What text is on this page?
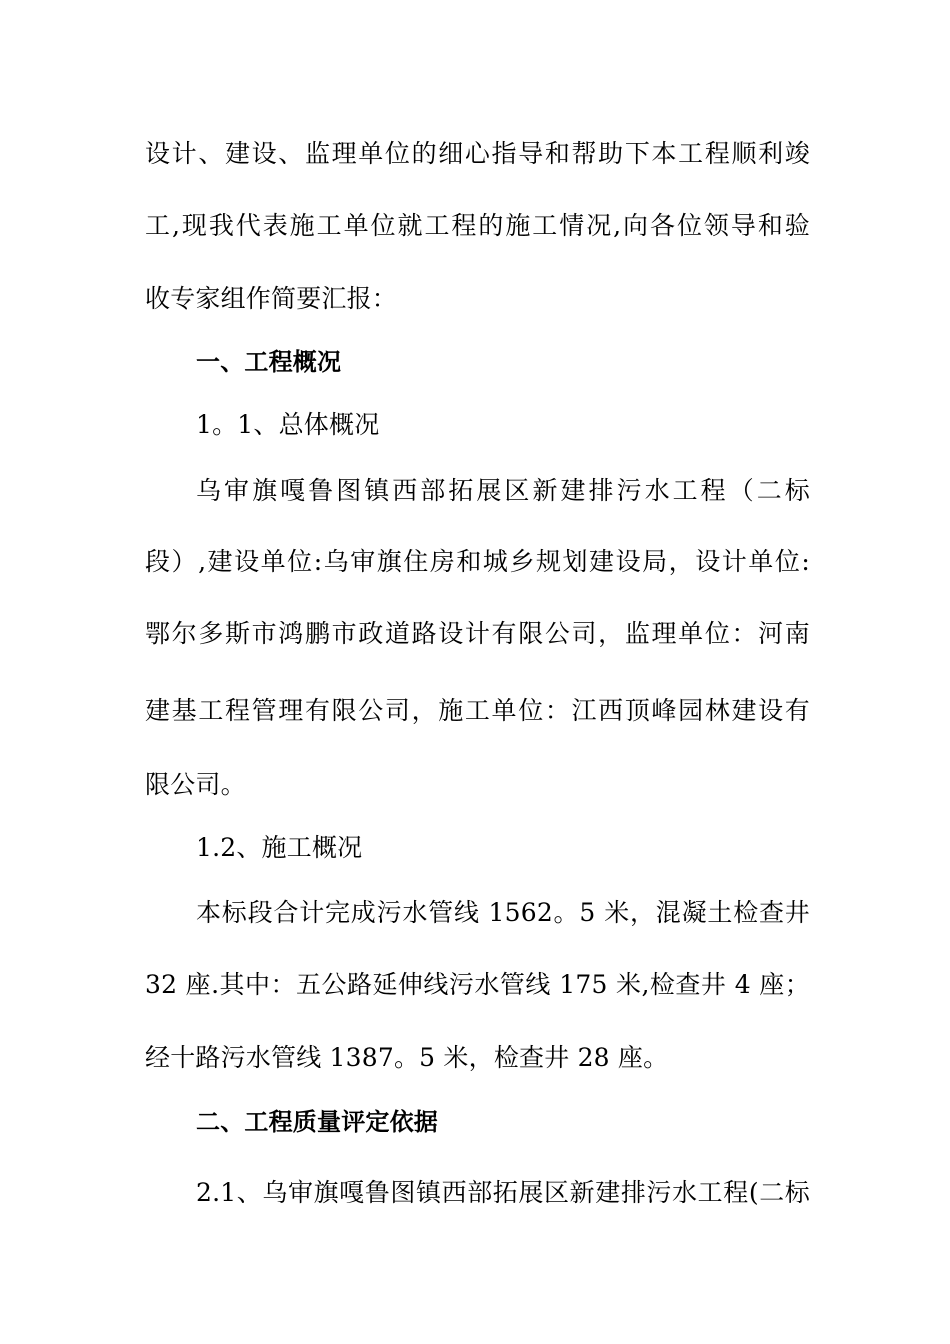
设计、建设、监理单位的细心指导和帮助下本工程顺利竣
工,现我代表施工单位就工程的施工情况,向各位领导和验
收专家组作简要汇报：
一、工程概况
1。1、总体概况
乌审旗嘎鲁图镇西部拓展区新建排污水工程（二标
段）,建设单位:乌审旗住房和城乡规划建设局，设计单位:
鄂尔多斯市鸿鹏市政道路设计有限公司，监理单位：河南
建基工程管理有限公司，施工单位：江西顶峰园林建设有
限公司。
1.2、施工概况
本标段合计完成污水管线 1562。5 米，混凝土检查井
32 座.其中：五公路延伸线污水管线 175 米,检查井 4 座；
经十路污水管线 1387。5 米，检查井 28 座。
二、工程质量评定依据
2.1、乌审旗嘎鲁图镇西部拓展区新建排污水工程(二标
